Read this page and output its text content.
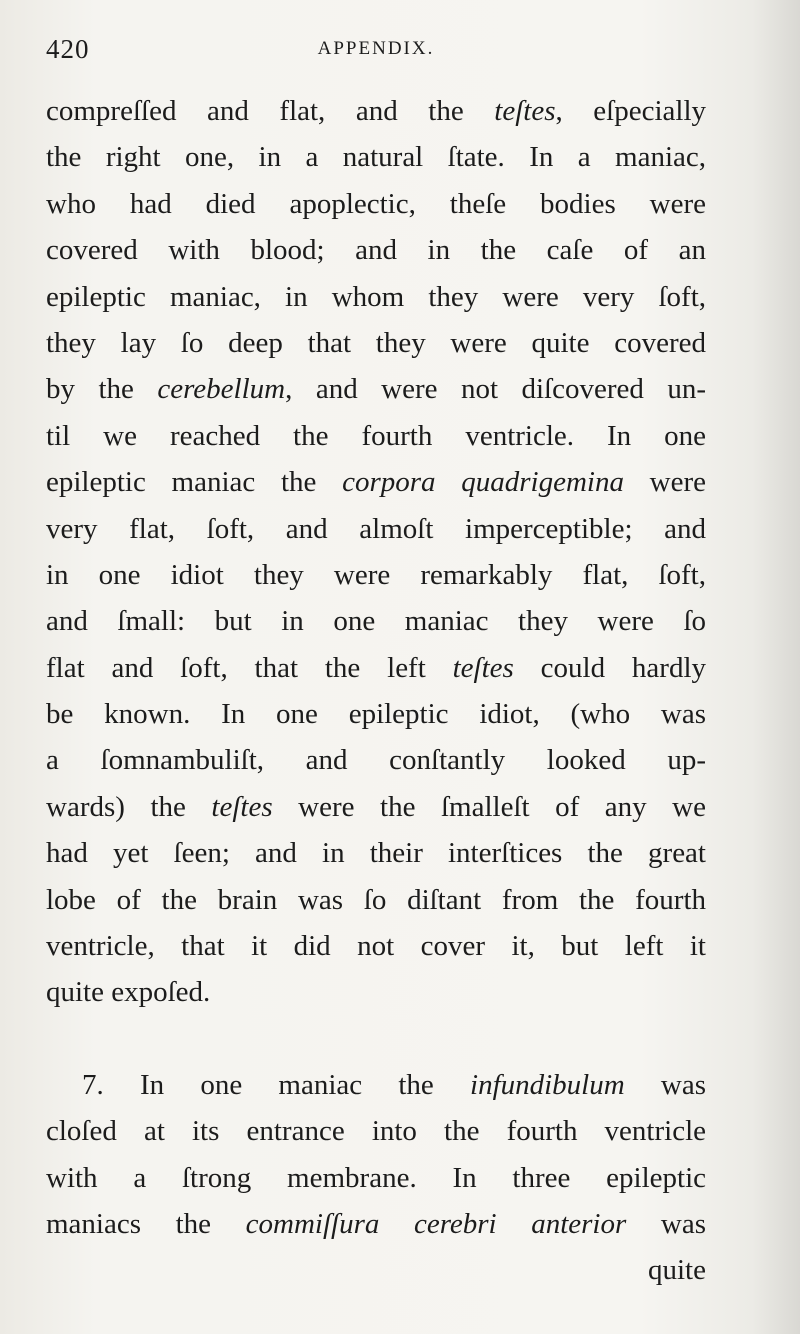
420	APPENDIX.
compreſſed and flat, and the teſtes, eſpecially
the right one, in a natural ſtate. In a maniac,
who had died apoplectic, theſe bodies were
covered with blood; and in the caſe of an
epileptic maniac, in whom they were very ſoft,
they lay ſo deep that they were quite covered
by the cerebellum, and were not diſcovered un-
til we reached the fourth ventricle. In one
epileptic maniac the corpora quadrigemina were
very flat, ſoft, and almoſt imperceptible; and
in one idiot they were remarkably flat, ſoft,
and ſmall: but in one maniac they were ſo
flat and ſoft, that the left teſtes could hardly
be known. In one epileptic idiot, (who was
a ſomnambuliſt, and conſtantly looked up-
wards) the teſtes were the ſmalleſt of any we
had yet ſeen; and in their interſtices the great
lobe of the brain was ſo diſtant from the fourth
ventricle, that it did not cover it, but left it
quite expoſed.
7. In one maniac the infundibulum was
cloſed at its entrance into the fourth ventricle
with a ſtrong membrane. In three epileptic
maniacs the commiſſura cerebri anterior was
quite
